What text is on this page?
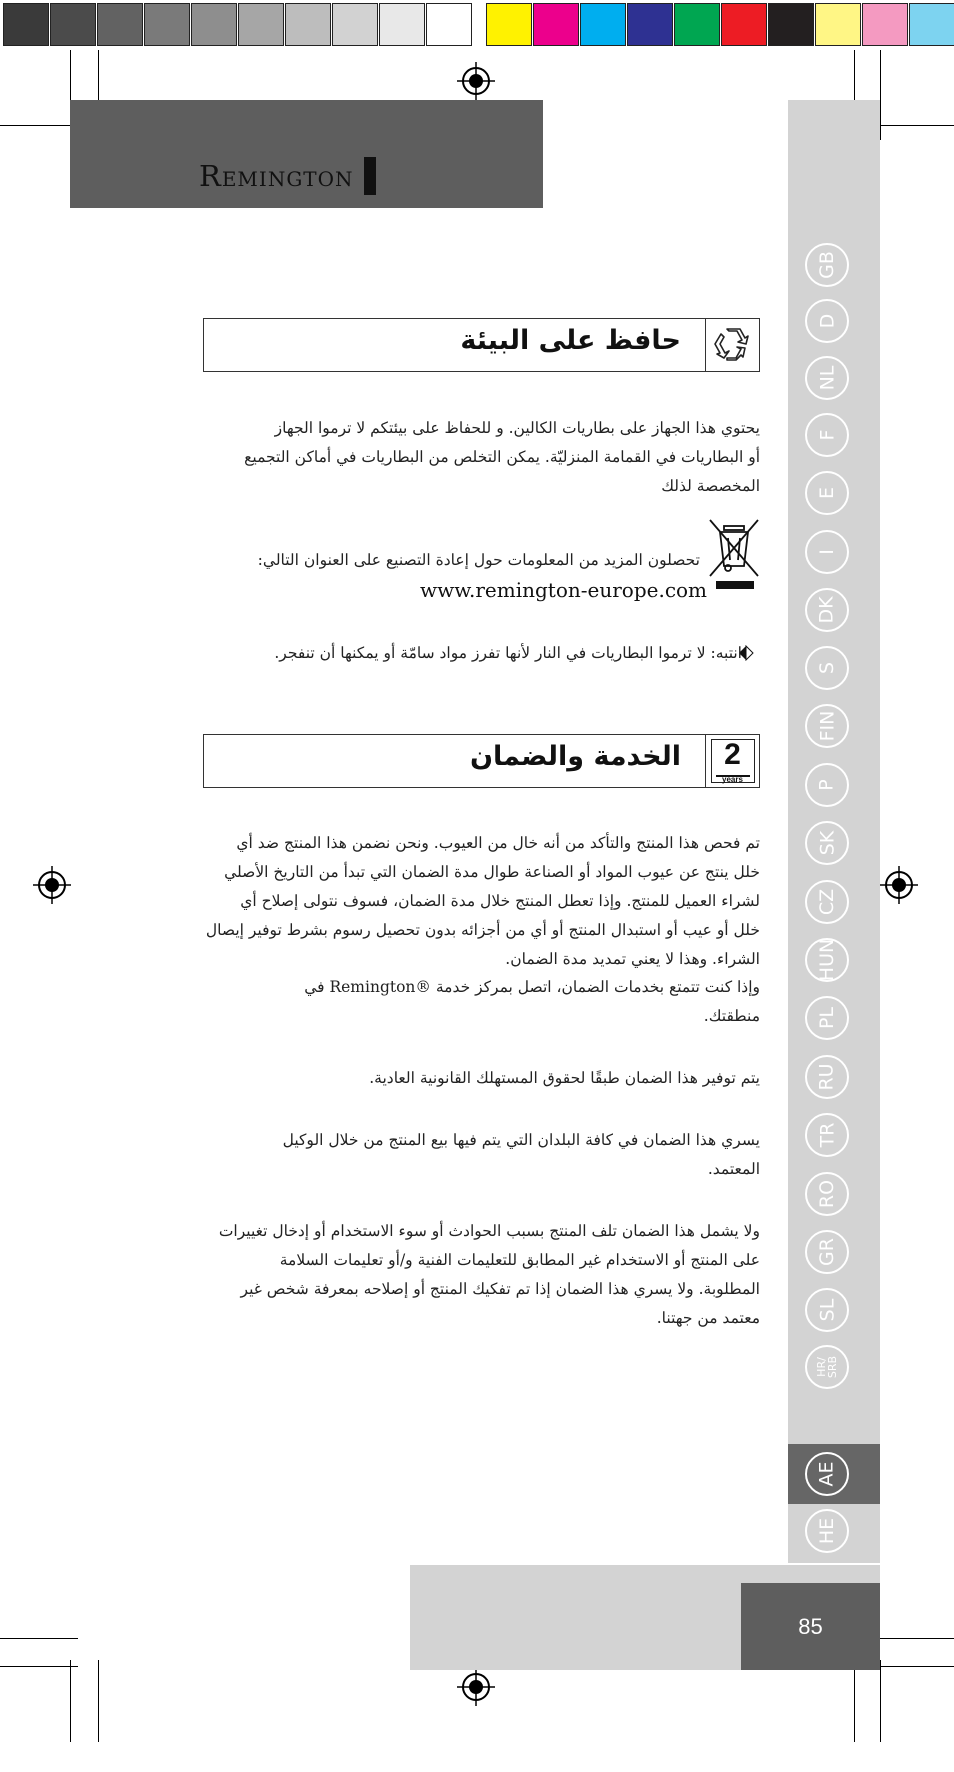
Remington
GB
D
NL
F
E
I
DK
S
FIN
P
SK
CZ
HUN
PL
RU
TR
RO
GR
SL
HR/
SRB
AE
HE
حافظ على البيئة

يحتوي هذا الجهاز على بطاريات الكالين. و للحفاظ على بيئتكم لا ترموا الجهاز

أو البطاريات في القمامة المنزليّة. يمكن التخلص من البطاريات في أماكن التجميع

المخصصة لذلك

تحصلون المزيد من المعلومات حول إعادة التصنيع على العنوان التالي:
www.remington-europe.com
انتبه: لا ترموا البطاريات في النار لأنها تفرز مواد سامّة أو يمكنها أن تنفجر.
الخدمة والضمان	2
years

تم فحص هذا المنتج والتأكد من أنه خال من العيوب. ونحن نضمن هذا المنتج ضد أي

خلل ينتج عن عيوب المواد أو الصناعة طوال مدة الضمان التي تبدأ من التاريخ الأصلي

لشراء العميل للمنتج. وإذا تعطل المنتج خلال مدة الضمان، فسوف نتولى إصلاح أي

خلل أو عيب أو استبدال المنتج أو أي من أجزائه بدون تحصيل رسوم بشرط توفير إيصال

الشراء. وهذا لا يعني تمديد مدة الضمان.

وإذا كنت تتمتع بخدمات الضمان، اتصل بمركز خدمة ®Remington في

منطقتك.

يتم توفير هذا الضمان طبقًا لحقوق المستهلك القانونية العادية.

يسري هذا الضمان في كافة البلدان التي يتم فيها بيع المنتج من خلال الوكيل

المعتمد.

ولا يشمل هذا الضمان تلف المنتج بسبب الحوادث أو سوء الاستخدام أو إدخال تغييرات

على المنتج أو الاستخدام غير المطابق للتعليمات الفنية و/أو تعليمات السلامة

المطلوبة. ولا يسري هذا الضمان إذا تم تفكيك المنتج أو إصلاحه بمعرفة شخص غير

معتمد من جهتنا.

85
